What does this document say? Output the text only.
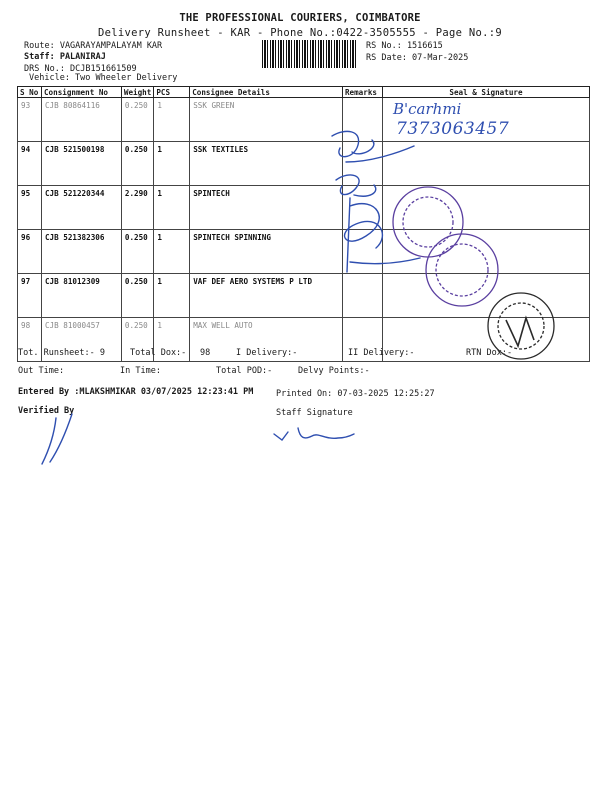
THE PROFESSIONAL COURIERS, COIMBATORE
Delivery Runsheet - KAR - Phone No.:0422-3505555 - Page No.:9
Route: VAGARAYAMPALAYAM KAR
Staff: PALANIRAJ
DRS No.: DCJB151661509
Vehicle: Two Wheeler Delivery
RS No.: 1516615
RS Date: 07-Mar-2025
S No	Consignment No	Weight	PCS	Consignee Details	Remarks	Seal & Signature
93	CJB 80864116	0.250	1	SSK GREEN		
94	CJB 521500198	0.250	1	SSK TEXTILES		
95	CJB 521220344	2.290	1	SPINTECH		
96	CJB 521382306	0.250	1	SPINTECH SPINNING		
97	CJB 81012309	0.250	1	VAF DEF AERO SYSTEMS P LTD		
98	CJB 81000457	0.250	1	MAX WELL AUTO		
Tot. Runsheet:- 9	Total Dox:- 98	I Delivery:-	II Delivery:-	RTN Dox:-
Out Time:	In Time:	Total POD:-	Delvy Points:-
Entered By :MLAKSHMIKAR 03/07/2025 12:23:41 PM	Printed On: 07-03-2025 12:25:27
Verified By	Staff Signature
B'carhmi
7373063457
